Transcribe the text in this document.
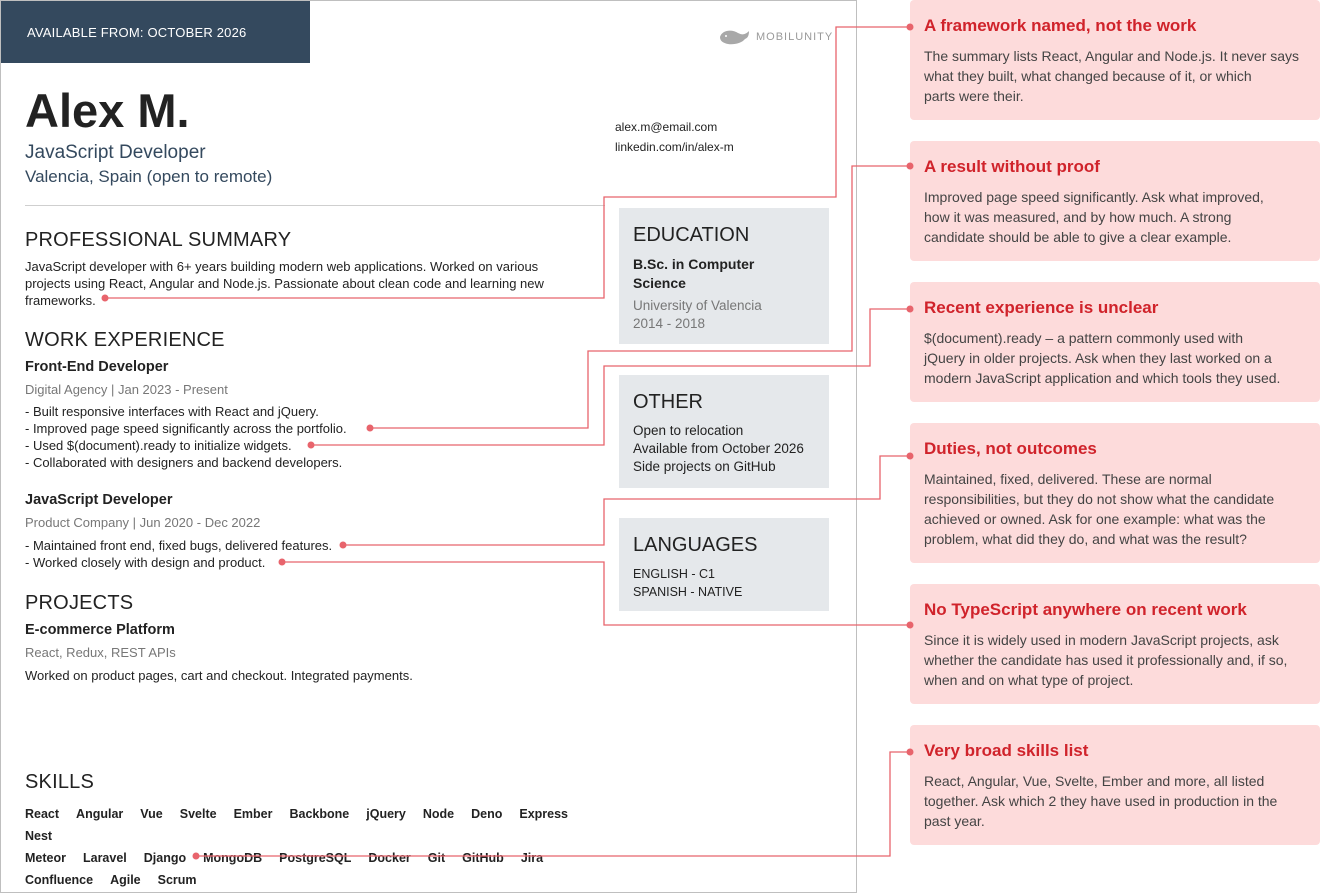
AVAILABLE FROM: OCTOBER 2026	MOBILUNITY
Alex M.
JavaScript Developer
Valencia, Spain (open to remote)
alex.m@email.com
linkedin.com/in/alex-m
PROFESSIONAL SUMMARY
JavaScript developer with 6+ years building modern web applications. Worked on various
projects using React, Angular and Node.js. Passionate about clean code and learning new
frameworks.
WORK EXPERIENCE
Front-End Developer
Digital Agency | Jan 2023 - Present
- Built responsive interfaces with React and jQuery.
- Improved page speed significantly across the portfolio.
- Used $(document).ready to initialize widgets.
- Collaborated with designers and backend developers.
JavaScript Developer
Product Company | Jun 2020 - Dec 2022
- Maintained front end, fixed bugs, delivered features.
- Worked closely with design and product.
PROJECTS
E-commerce Platform
React, Redux, REST APIs
Worked on product pages, cart and checkout. Integrated payments.
SKILLS
React Angular Vue Svelte Ember Backbone jQuery Node Deno ExpressNest
Meteor Laravel Django MongoDB PostgreSQL Docker Git GitHub Jira
Confluence Agile Scrum
EDUCATION
B.Sc. in Computer
Science
University of Valencia
2014 - 2018
OTHER
Open to relocation
Available from October 2026
Side projects on GitHub
LANGUAGES
ENGLISH - C1
SPANISH - NATIVE
A framework named, not the work
The summary lists React, Angular and Node.js. It never says
what they built, what changed because of it, or which
parts were their.
A result without proof
Improved page speed significantly. Ask what improved,
how it was measured, and by how much. A strong
candidate should be able to give a clear example.
Recent experience is unclear
$(document).ready – a pattern commonly used with
jQuery in older projects. Ask when they last worked on a
modern JavaScript application and which tools they used.
Duties, not outcomes
Maintained, fixed, delivered. These are normal
responsibilities, but they do not show what the candidate
achieved or owned. Ask for one example: what was the
problem, what did they do, and what was the result?
No TypeScript anywhere on recent work
Since it is widely used in modern JavaScript projects, ask
whether the candidate has used it professionally and, if so,
when and on what type of project.
Very broad skills list
React, Angular, Vue, Svelte, Ember and more, all listed
together. Ask which 2 they have used in production in the
past year.
